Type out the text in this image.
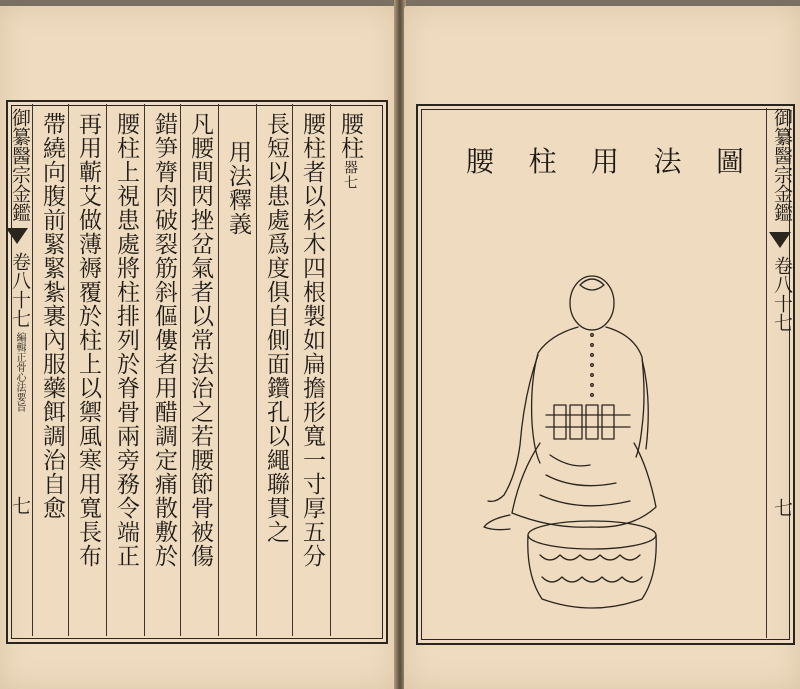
御纂醫宗金鑑
卷八十七
編輯正骨心法要旨
七
腰柱器七
腰柱者以杉木四根製如扁擔形寬一寸厚五分
長短以患處爲度俱自側面鑽孔以繩聯貫之
用法釋義
凡腰間閃挫岔氣者以常法治之若腰節骨被傷
錯笋膂肉破裂筋斜傴僂者用醋調定痛散敷於
腰柱上視患處將柱排列於脊骨兩旁務令端正
再用蘄艾做薄褥覆於柱上以禦風寒用寬長布
帶繞向腹前緊緊紮裹內服藥餌調治自愈	腰 柱 用 法 圖 御纂醫宗金鑑
卷八十七
七
